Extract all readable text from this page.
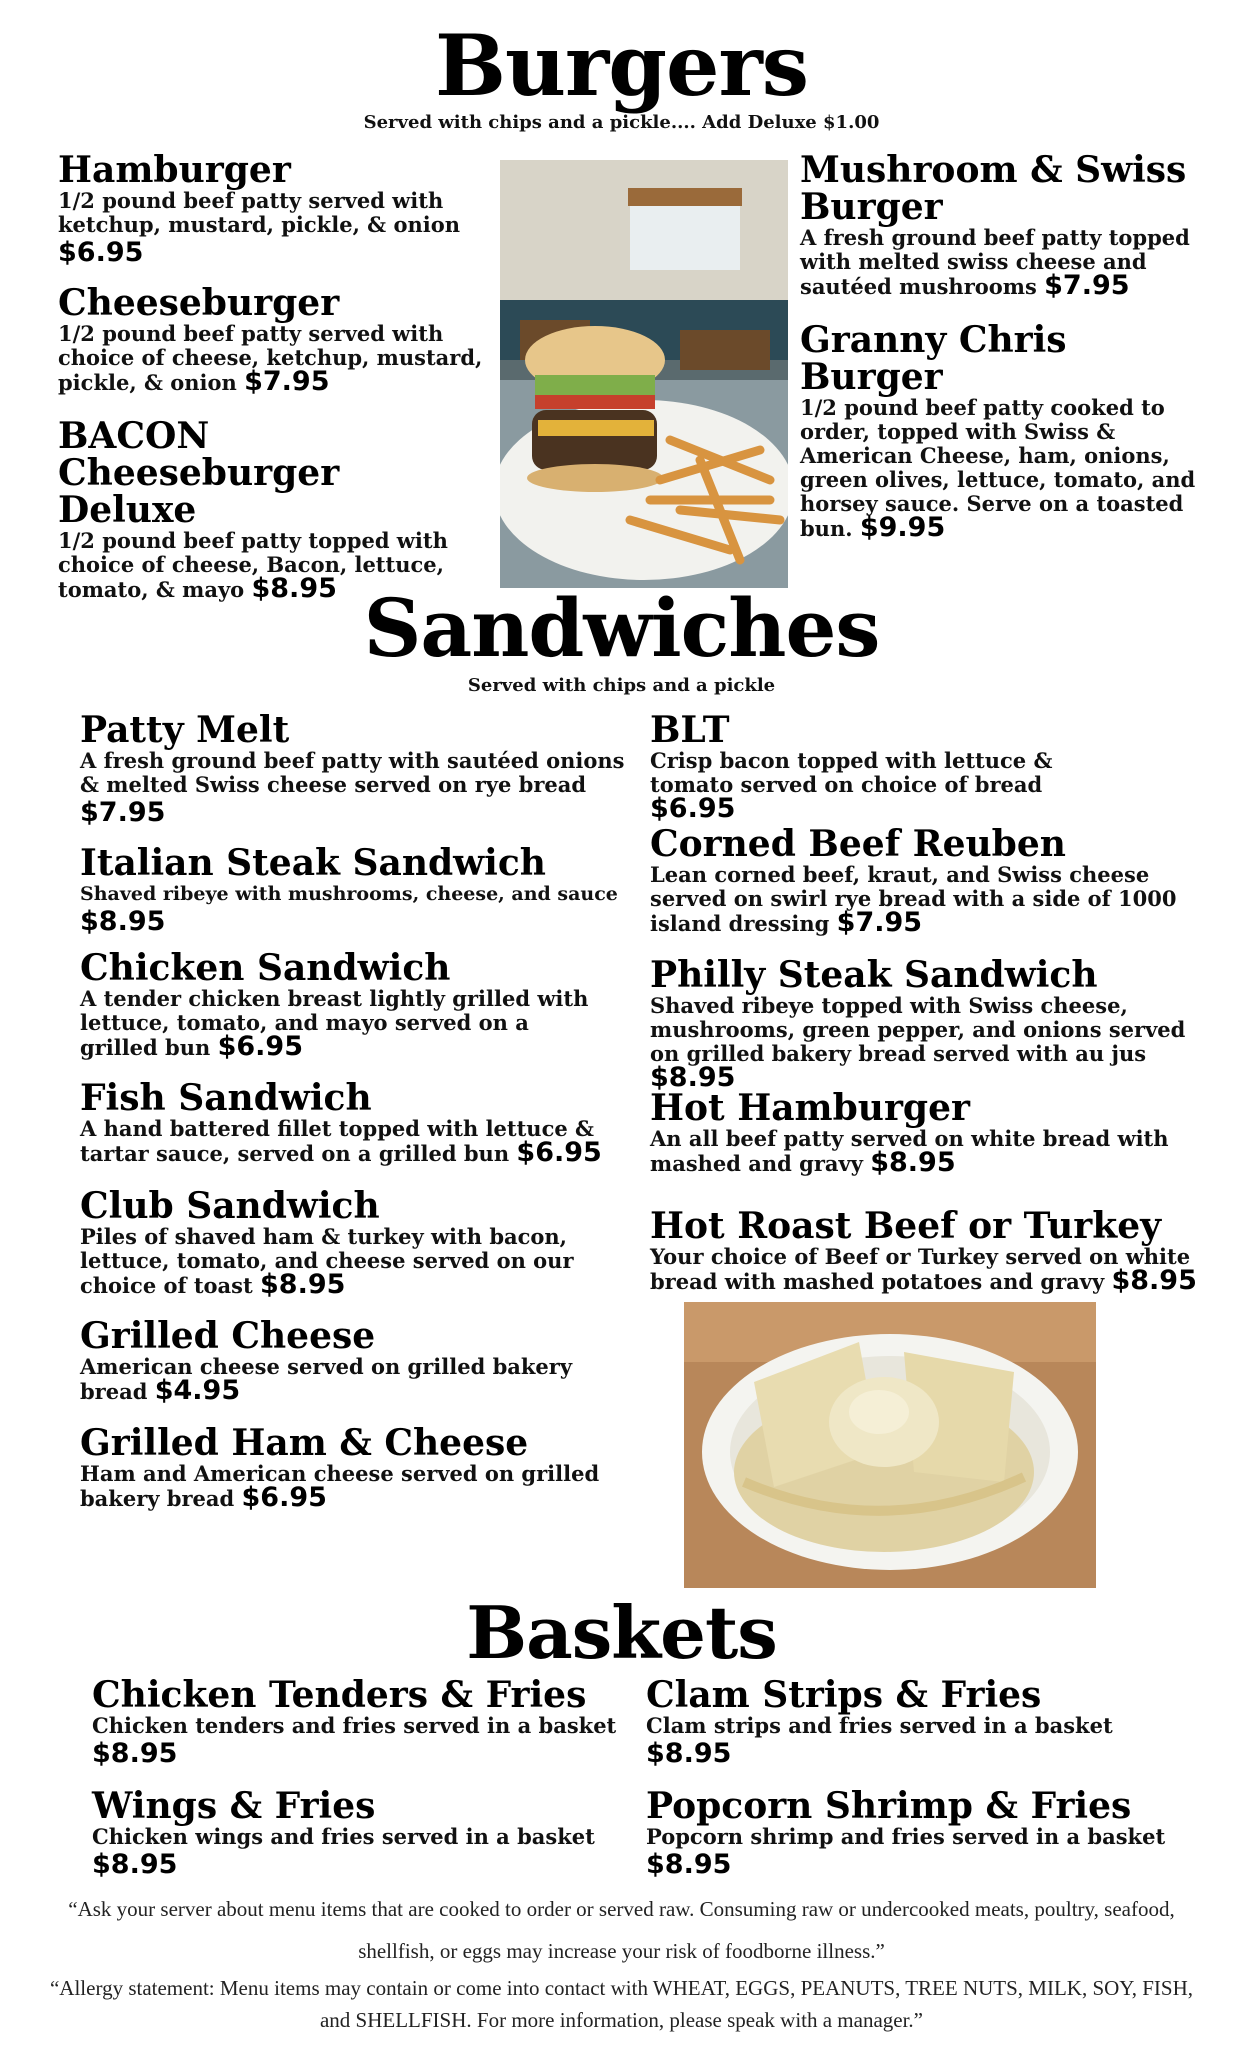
Burgers
Served with chips and a pickle.... Add Deluxe $1.00
Hamburger
1/2 pound beef patty served with ketchup, mustard, pickle, & onion
$6.95
Cheeseburger
1/2 pound beef patty served with choice of cheese, ketchup, mustard, pickle, & onion $7.95
BACON Cheeseburger Deluxe
1/2 pound beef patty topped with choice of cheese, Bacon, lettuce, tomato, & mayo $8.95
Mushroom & Swiss Burger
A fresh ground beef patty topped with melted swiss cheese and sautéed mushrooms $7.95
Granny Chris Burger
1/2 pound beef patty cooked to order, topped with Swiss & American Cheese, ham, onions, green olives, lettuce, tomato, and horsey sauce. Serve on a toasted bun. $9.95
Sandwiches
Served with chips and a pickle
Patty Melt
A fresh ground beef patty with sautéed onions & melted Swiss cheese served on rye bread
$7.95
Italian Steak Sandwich
Shaved ribeye with mushrooms, cheese, and sauce
$8.95
Chicken Sandwich
A tender chicken breast lightly grilled with lettuce, tomato, and mayo served on a grilled bun $6.95
Fish Sandwich
A hand battered fillet topped with lettuce & tartar sauce, served on a grilled bun $6.95
Club Sandwich
Piles of shaved ham & turkey with bacon, lettuce, tomato, and cheese served on our choice of toast $8.95
Grilled Cheese
American cheese served on grilled bakery bread $4.95
Grilled Ham & Cheese
Ham and American cheese served on grilled bakery bread $6.95
BLT
Crisp bacon topped with lettuce & tomato served on choice of bread $6.95
Corned Beef Reuben
Lean corned beef, kraut, and Swiss cheese served on swirl rye bread with a side of 1000 island dressing $7.95
Philly Steak Sandwich
Shaved ribeye topped with Swiss cheese, mushrooms, green pepper, and onions served on grilled bakery bread served with au jus $8.95
Hot Hamburger
An all beef patty served on white bread with mashed and gravy $8.95
Hot Roast Beef or Turkey
Your choice of Beef or Turkey served on white bread with mashed potatoes and gravy $8.95
Baskets
Chicken Tenders & Fries
Chicken tenders and fries served in a basket
$8.95
Wings & Fries
Chicken wings and fries served in a basket
$8.95
Clam Strips & Fries
Clam strips and fries served in a basket
$8.95
Popcorn Shrimp & Fries
Popcorn shrimp and fries served in a basket
$8.95
“Ask your server about menu items that are cooked to order or served raw. Consuming raw or undercooked meats, poultry, seafood, shellfish, or eggs may increase your risk of foodborne illness.”
“Allergy statement: Menu items may contain or come into contact with WHEAT, EGGS, PEANUTS, TREE NUTS, MILK, SOY, FISH, and SHELLFISH. For more information, please speak with a manager.”
